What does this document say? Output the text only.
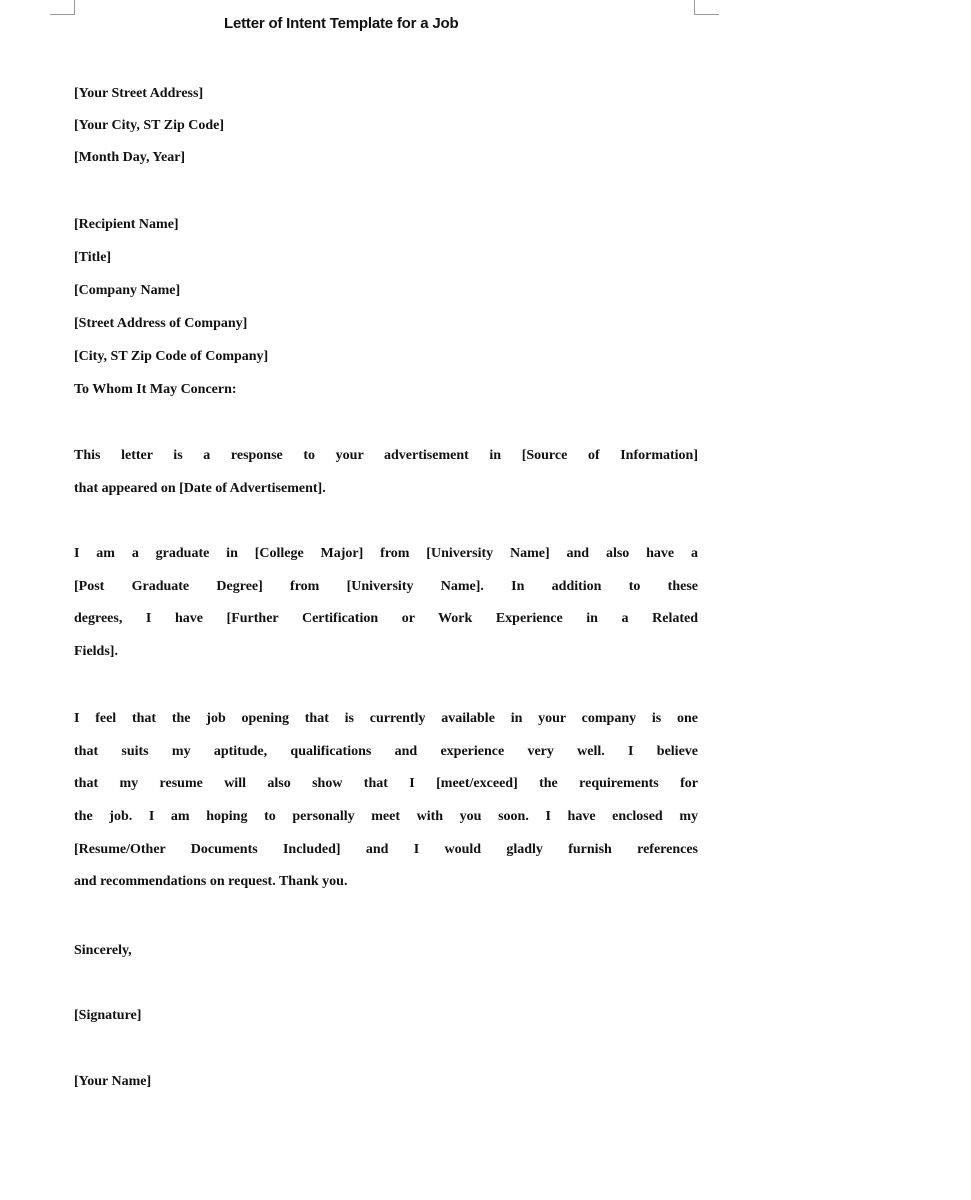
Letter of Intent Template for a Job
[Your Street Address]
[Your City, ST Zip Code]
[Month Day, Year]
[Recipient Name]
[Title]
[Company Name]
[Street Address of Company]
[City, ST Zip Code of Company]
To Whom It May Concern:
This letter is a response to your advertisement in [Source of Information]
that appeared on [Date of Advertisement].
I am a graduate in [College Major] from [University Name] and also have a
[Post Graduate Degree] from [University Name]. In addition to these
degrees, I have [Further Certification or Work Experience in a Related
Fields].
I feel that the job opening that is currently available in your company is one
that suits my aptitude, qualifications and experience very well. I believe
that my resume will also show that I [meet/exceed] the requirements for
the job. I am hoping to personally meet with you soon. I have enclosed my
[Resume/Other Documents Included] and I would gladly furnish references
and recommendations on request. Thank you.
Sincerely,
[Signature]
[Your Name]
